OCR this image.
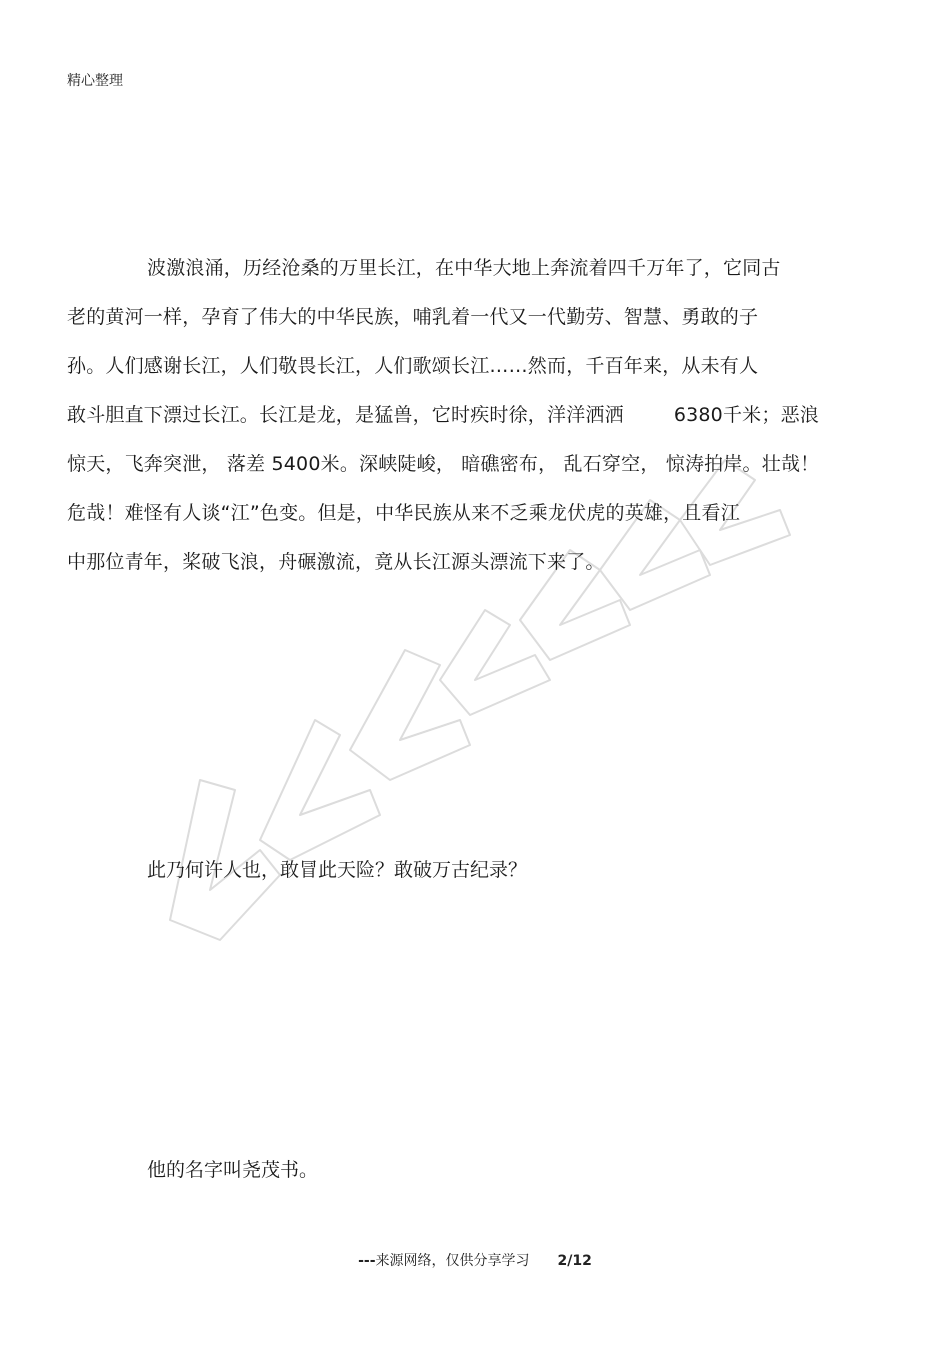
精心整理
波激浪涌，历经沧桑的万里长江，在中华大地上奔流着四千万年了，它同古
老的黄河一样，孕育了伟大的中华民族，哺乳着一代又一代勤劳、智慧、勇敢的子
孙。人们感谢长江，人们敬畏长江，人们歌颂长江……然而，千百年来，从未有人
敢斗胆直下漂过长江。长江是龙，是猛兽，它时疾时徐，洋洋洒洒	6380千米；恶浪
惊天，飞奔突泄， 落差 5400米。深峡陡峻， 暗礁密布， 乱石穿空， 惊涛拍岸。壮哉！
危哉！难怪有人谈“江”色变。但是，中华民族从来不乏乘龙伏虎的英雄，且看江
中那位青年，桨破飞浪，舟碾激流，竟从长江源头漂流下来了。
此乃何许人也，敢冒此天险？敢破万古纪录？
他的名字叫尧茂书。
---来源网络，仅供分享学习 2/12
